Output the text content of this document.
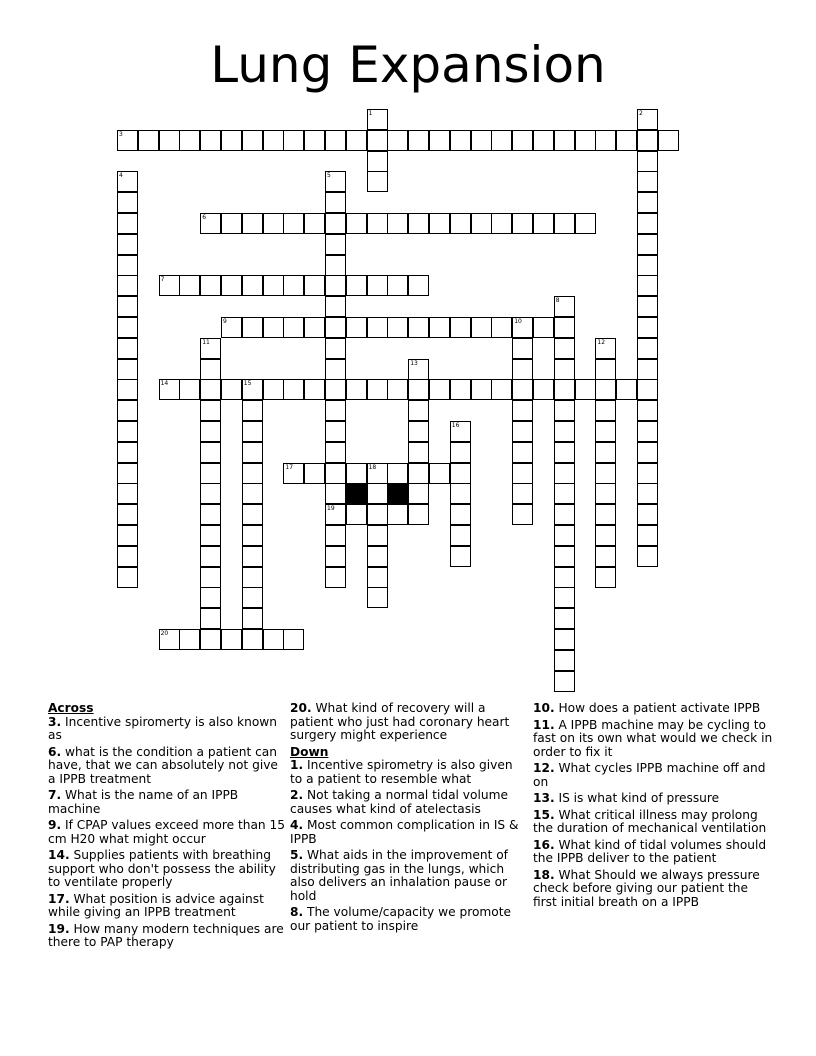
Lung Expansion
3
6
7
9	10
14	15
17	18
19
20
1	2
4	5
8
11	12
13
16
Across
3. Incentive spiromerty is also known as
6. what is the condition a patient can have, that we can absolutely not give a IPPB treatment
7. What is the name of an IPPB machine
9. If CPAP values exceed more than 15 cm H20 what might occur
14. Supplies patients with breathing support who don't possess the ability to ventilate properly
17. What position is advice against while giving an IPPB treatment
19. How many modern techniques are there to PAP therapy
20. What kind of recovery will a patient who just had coronary heart surgery might experience
Down
1. Incentive spirometry is also given to a patient to resemble what
2. Not taking a normal tidal volume causes what kind of atelectasis
4. Most common complication in IS & IPPB
5. What aids in the improvement of distributing gas in the lungs, which also delivers an inhalation pause or hold
8. The volume/capacity we promote our patient to inspire
10. How does a patient activate IPPB
11. A IPPB machine may be cycling to fast on its own what would we check in order to fix it
12. What cycles IPPB machine off and on
13. IS is what kind of pressure
15. What critical illness may prolong the duration of mechanical ventilation
16. What kind of tidal volumes should the IPPB deliver to the patient
18. What Should we always pressure check before giving our patient the first initial breath on a IPPB
